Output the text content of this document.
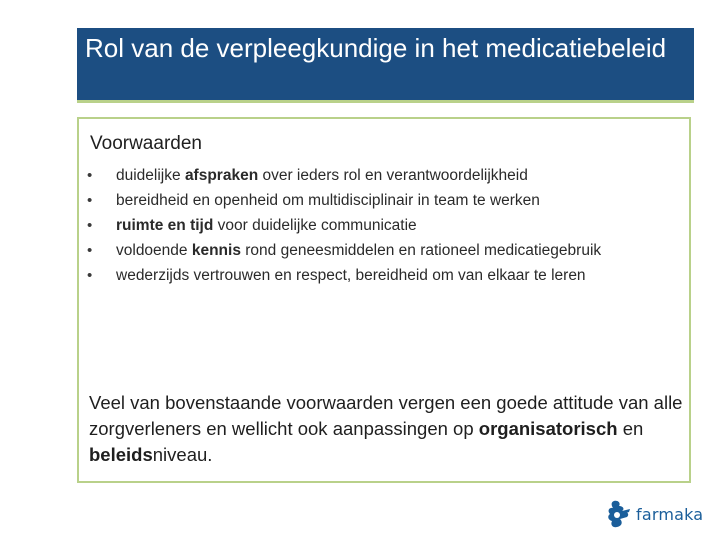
Rol van de verpleegkundige in het medicatiebeleid
Voorwaarden
• duidelijke afspraken over ieders rol en verantwoordelijkheid
• bereidheid en openheid om multidisciplinair in team te werken
• ruimte en tijd voor duidelijke communicatie
• voldoende kennis rond geneesmiddelen en rationeel medicatiegebruik
• wederzijds vertrouwen en respect, bereidheid om van elkaar te leren
Veel van bovenstaande voorwaarden vergen een goede attitude van alle zorgverleners en wellicht ook aanpassingen op organisatorisch en beleidsniveau.
farmaka
